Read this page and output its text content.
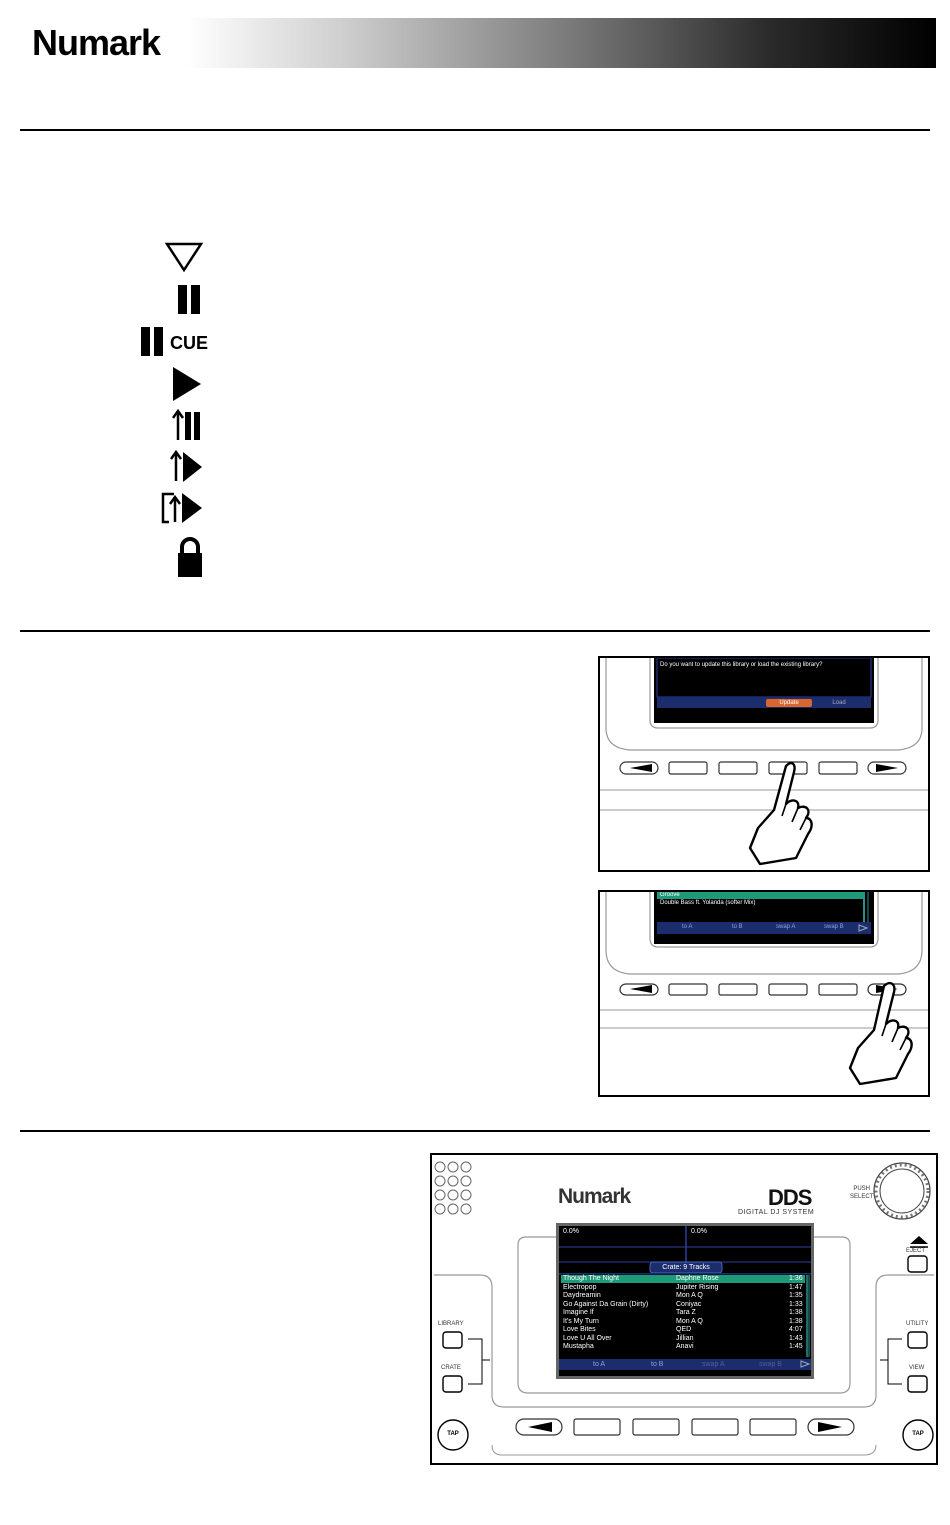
Numark
CUE
Do you want to update this library or load the existing library?
Update	Load
Groove
Double Bass ft. Yolanda (softer Mix)
to A	to B	swap A	swap B
Numark	DDS
DIGITAL DJ SYSTEM
PUSH
SELECT
EJECT
LIBRARY
CRATE
UTILITY
VIEW
TAP	TAP
0.0%	0.0%
Crate: 9 Tracks
Though The Night	Daphne Rose	1:36
Electropop	Jupiter Rising	1:47
Daydreamin	Mon A Q	1:35
Go Against Da Grain (Dirty)	Coniyac	1:33
Imagine If	Tara Z	1:38
It's My Turn	Mon A Q	1:38
Love Bites	QED	4:07
Love U All Over	Jillian	1:43
Mustapha	Anavi	1:45
to A	to B	swap A	swap B
